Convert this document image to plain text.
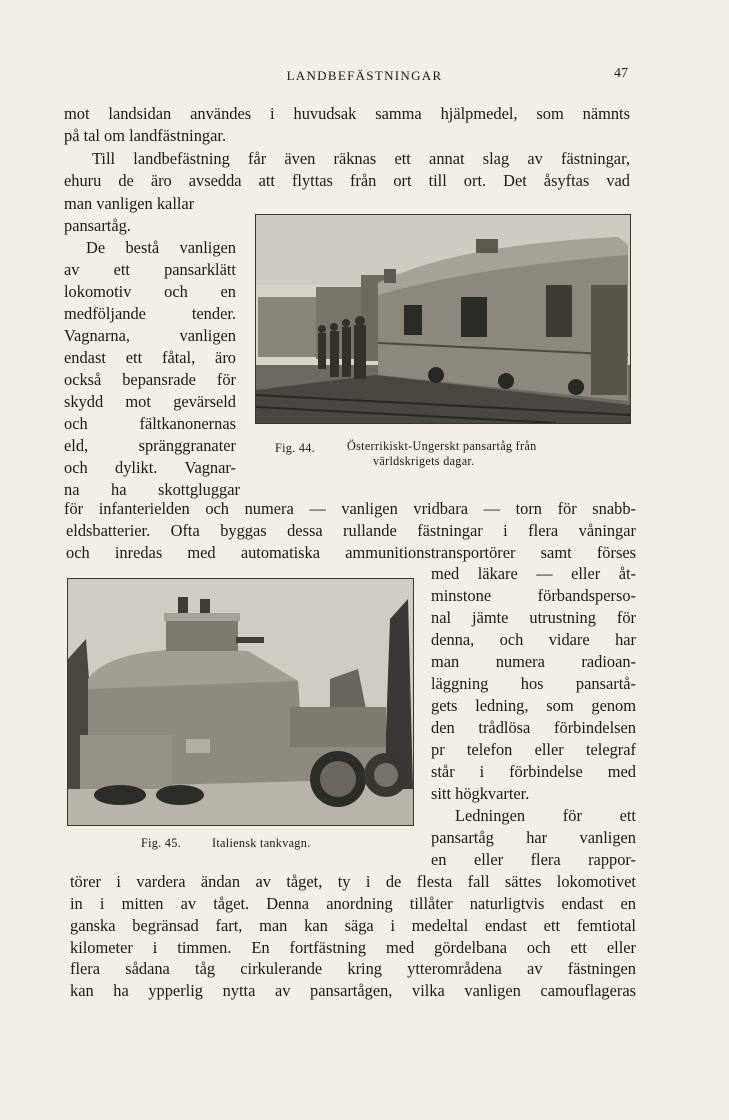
LANDBEFÄSTNINGAR	47
mot landsidan användes i huvudsak samma hjälpmedel, som nämnts
på tal om landfästningar.
Till landbefästning får även räknas ett annat slag av fästningar,
ehuru de äro avsedda att flyttas från ort till ort. Det åsyftas vad
man vanligen kallar
pansartåg.
De bestå vanligen
av ett pansarklätt
lokomotiv och en
medföljande tender.
Vagnarna, vanligen
endast ett fåtal, äro
också bepansrade för
skydd mot gevärseld
och fältkanonernas
eld, spränggranater
och dylikt. Vagnar-
na ha skottgluggar
för infanterielden och numera — vanligen vridbara — torn för snabb-
eldsbatterier. Ofta byggas dessa rullande fästningar i flera våningar
och inredas med automatiska ammunitionstransportörer samt förses
med läkare — eller åt-
minstone förbandsperso-
nal jämte utrustning för
denna, och vidare har
man numera radioan-
läggning hos pansartå-
gets ledning, som genom
den trådlösa förbindelsen
pr telefon eller telegraf
står i förbindelse med
sitt högkvarter.
Ledningen för ett
pansartåg har vanligen
en eller flera rappor-
törer i vardera ändan av tåget, ty i de flesta fall sättes lokomotivet
in i mitten av tåget. Denna anordning tillåter naturligtvis endast en
ganska begränsad fart, man kan säga i medeltal endast ett femtiotal
kilometer i timmen. En fortfästning med gördelbana och ett eller
flera sådana tåg cirkulerande kring ytterområdena av fästningen
kan ha ypperlig nytta av pansartågen, vilka vanligen camouflageras
Fig. 44.	Österrikiskt-Ungerskt pansartåg från
världskrigets dagar.
Fig. 45.	Italiensk tankvagn.
